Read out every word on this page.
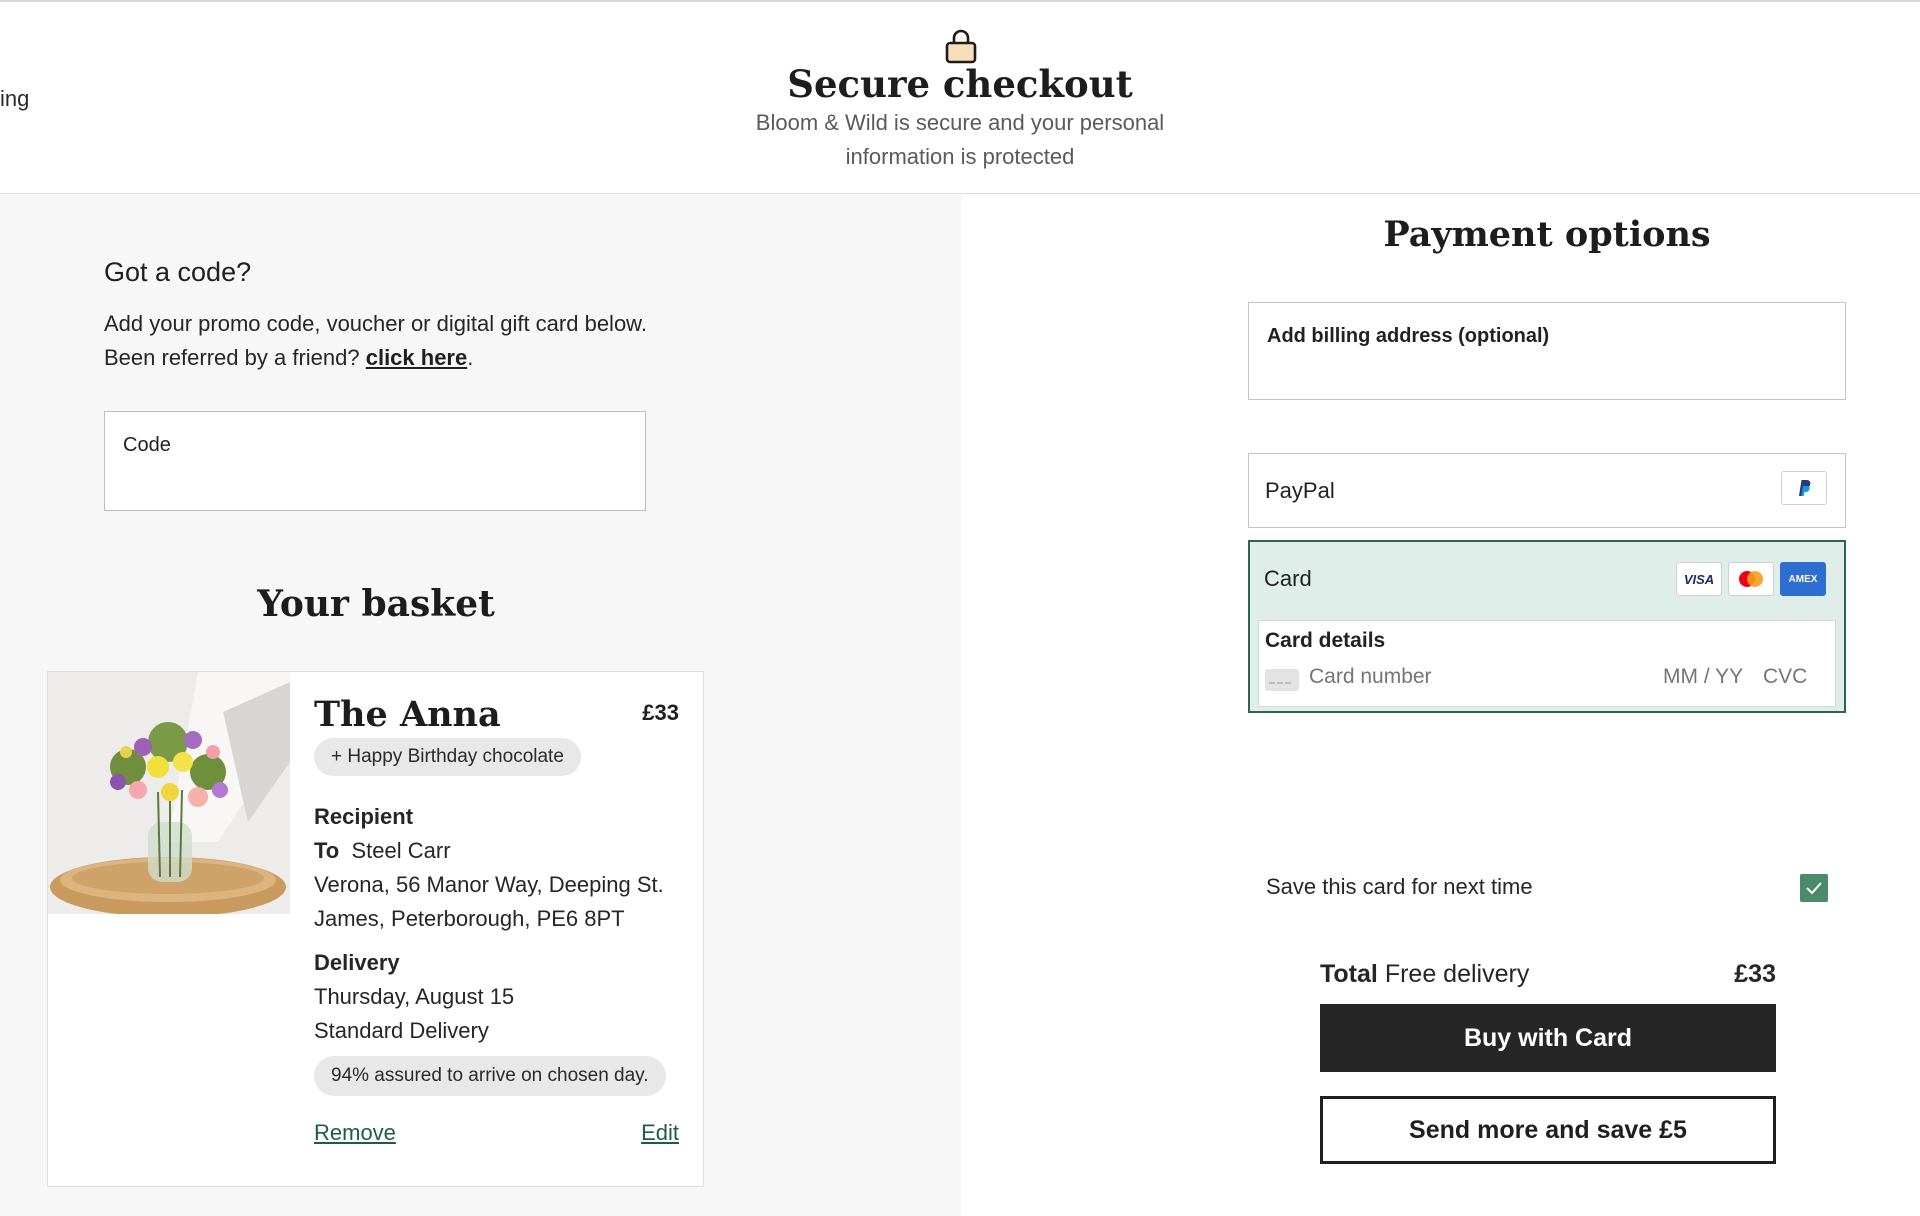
ing	Secure checkout
Bloom & Wild is secure and your personal information is protected
Got a code?
Add your promo code, voucher or digital gift card below. Been referred by a friend? click here.
Code
Your basket
The Anna	£33
+ Happy Birthday chocolate
Recipient
To Steel Carr
Verona, 56 Manor Way, Deeping St. James, Peterborough, PE6 8PT
Delivery
Thursday, August 15
Standard Delivery
94% assured to arrive on chosen day.
Remove	Edit
Payment options
Add billing address (optional)
PayPal
Card	VISA	AMEX
Card details
Card number
MM / YY
CVC
Save this card for next time
Total Free delivery	£33
Buy with Card
Send more and save £5
